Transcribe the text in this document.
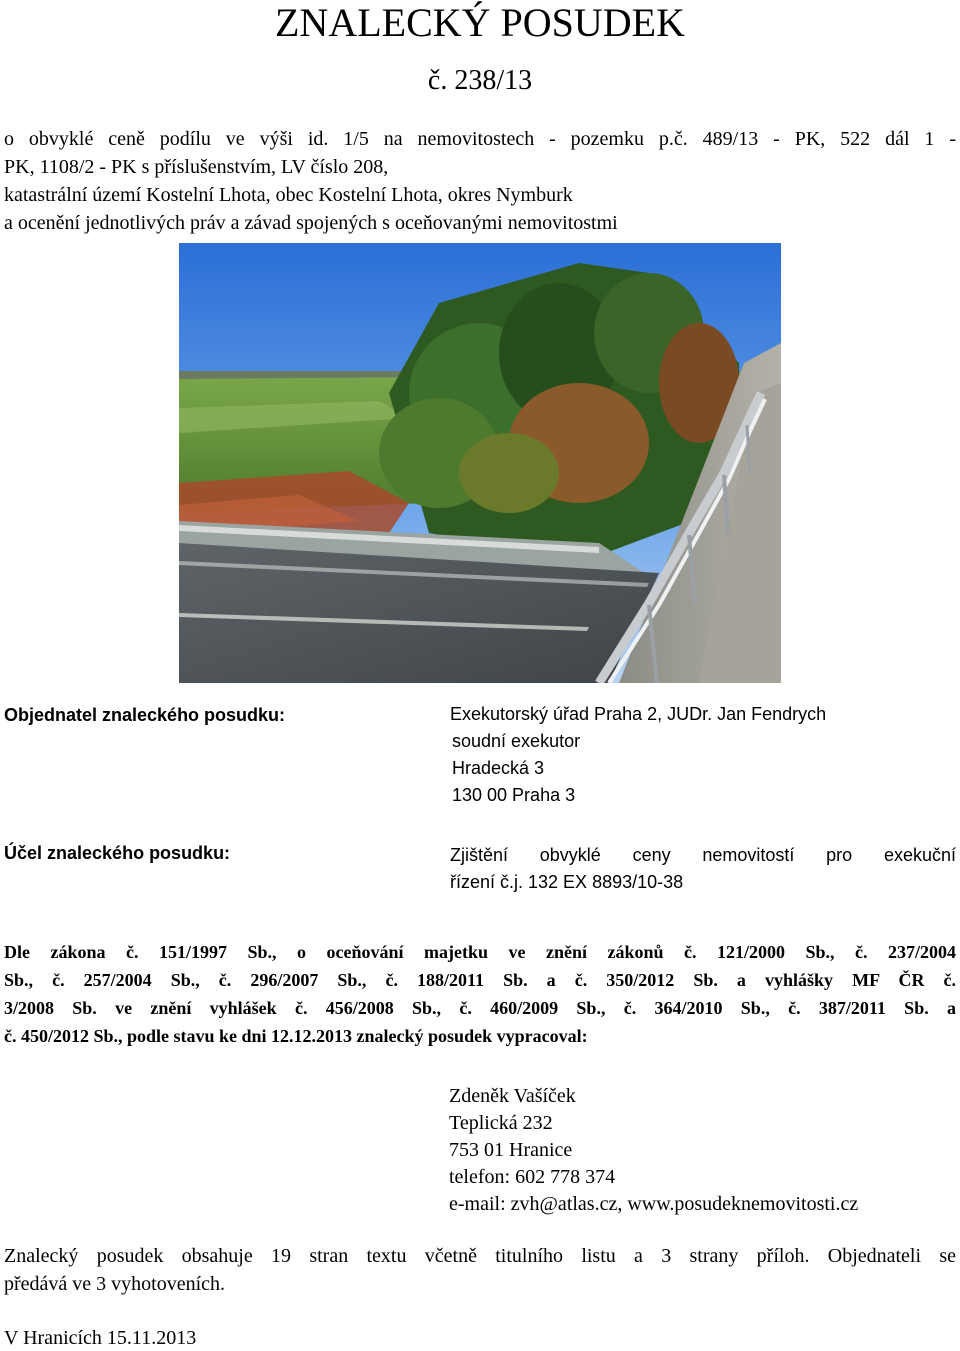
ZNALECKÝ POSUDEK
č. 238/13
o obvyklé ceně podílu ve výši id. 1/5 na nemovitostech - pozemku p.č. 489/13 - PK, 522 dál 1 -
PK, 1108/2 - PK s příslušenstvím, LV číslo 208,
katastrální území Kostelní Lhota, obec Kostelní Lhota, okres Nymburk
a ocenění jednotlivých práv a závad spojených s oceňovanými nemovitostmi
Objednatel znaleckého posudku:	Exekutorský úřad Praha 2, JUDr. Jan Fendrych
soudní exekutor
Hradecká 3
130 00 Praha 3
Účel znaleckého posudku:	Zjištění obvyklé ceny nemovitostí pro exekuční
řízení č.j. 132 EX 8893/10-38
Dle zákona č. 151/1997 Sb., o oceňování majetku ve znění zákonů č. 121/2000 Sb., č. 237/2004
Sb., č. 257/2004 Sb., č. 296/2007 Sb., č. 188/2011 Sb. a č. 350/2012 Sb. a vyhlášky MF ČR č.
3/2008 Sb. ve znění vyhlášek č. 456/2008 Sb., č. 460/2009 Sb., č. 364/2010 Sb., č. 387/2011 Sb. a
č. 450/2012 Sb., podle stavu ke dni 12.12.2013 znalecký posudek vypracoval:
Zdeněk Vašíček
Teplická 232
753 01 Hranice
telefon: 602 778 374
e-mail: zvh@atlas.cz, www.posudeknemovitosti.cz
Znalecký posudek obsahuje 19 stran textu včetně titulního listu a 3 strany příloh. Objednateli se
předává ve 3 vyhotoveních.
V Hranicích 15.11.2013
